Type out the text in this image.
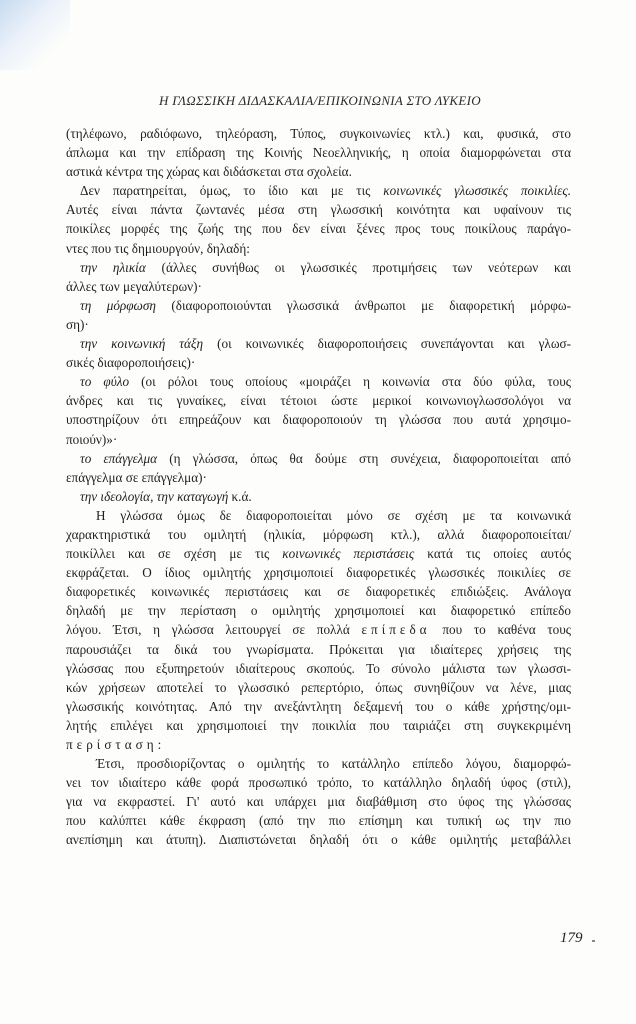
Η ΓΛΩΣΣΙΚΗ ΔΙΔΑΣΚΑΛΙΑ/ΕΠΙΚΟΙΝΩΝΙΑ ΣΤΟ ΛΥΚΕΙΟ
(τηλέφωνο, ραδιόφωνο, τηλεόραση, Τύπος, συγκοινωνίες κτλ.) και, φυσικά, στο
άπλωμα και την επίδραση της Κοινής Νεοελληνικής, η οποία διαμορφώνεται στα
αστικά κέντρα της χώρας και διδάσκεται στα σχολεία.
Δεν παρατηρείται, όμως, το ίδιο και με τις κοινωνικές γλωσσικές ποικιλίες.
Αυτές είναι πάντα ζωντανές μέσα στη γλωσσική κοινότητα και υφαίνουν τις
ποικίλες μορφές της ζωής της που δεν είναι ξένες προς τους ποικίλους παράγο-
ντες που τις δημιουργούν, δηλαδή:
την ηλικία (άλλες συνήθως οι γλωσσικές προτιμήσεις των νεότερων και
άλλες των μεγαλύτερων)·
τη μόρφωση (διαφοροποιούνται γλωσσικά άνθρωποι με διαφορετική μόρφω-
ση)·
την κοινωνική τάξη (οι κοινωνικές διαφοροποιήσεις συνεπάγονται και γλωσ-
σικές διαφοροποιήσεις)·
το φύλο (οι ρόλοι τους οποίους «μοιράζει η κοινωνία στα δύο φύλα, τους
άνδρες και τις γυναίκες, είναι τέτοιοι ώστε μερικοί κοινωνιογλωσσολόγοι να
υποστηρίζουν ότι επηρεάζουν και διαφοροποιούν τη γλώσσα που αυτά χρησιμο-
ποιούν)»·
το επάγγελμα (η γλώσσα, όπως θα δούμε στη συνέχεια, διαφοροποιείται από
επάγγελμα σε επάγγελμα)·
την ιδεολογία, την καταγωγή κ.ά.
Η γλώσσα όμως δε διαφοροποιείται μόνο σε σχέση με τα κοινωνικά
χαρακτηριστικά του ομιλητή (ηλικία, μόρφωση κτλ.), αλλά διαφοροποιείται/
ποικίλλει και σε σχέση με τις κοινωνικές περιστάσεις κατά τις οποίες αυτός
εκφράζεται. Ο ίδιος ομιλητής χρησιμοποιεί διαφορετικές γλωσσικές ποικιλίες σε
διαφορετικές κοινωνικές περιστάσεις και σε διαφορετικές επιδιώξεις. Ανάλογα
δηλαδή με την περίσταση ο ομιλητής χρησιμοποιεί και διαφορετικό επίπεδο
λόγου. Έτσι, η γλώσσα λειτουργεί σε πολλά επίπεδα που το καθένα τους
παρουσιάζει τα δικά του γνωρίσματα. Πρόκειται για ιδιαίτερες χρήσεις της
γλώσσας που εξυπηρετούν ιδιαίτερους σκοπούς. Το σύνολο μάλιστα των γλωσσι-
κών χρήσεων αποτελεί το γλωσσικό ρεπερτόριο, όπως συνηθίζουν να λένε, μιας
γλωσσικής κοινότητας. Από την ανεξάντλητη δεξαμενή του ο κάθε χρήστης/ομι-
λητής επιλέγει και χρησιμοποιεί την ποικιλία που ταιριάζει στη συγκεκριμένη
περίσταση:
Έτσι, προσδιορίζοντας ο ομιλητής το κατάλληλο επίπεδο λόγου, διαμορφώ-
νει τον ιδιαίτερο κάθε φορά προσωπικό τρόπο, το κατάλληλο δηλαδή ύφος (στιλ),
για να εκφραστεί. Γι' αυτό και υπάρχει μια διαβάθμιση στο ύφος της γλώσσας
που καλύπτει κάθε έκφραση (από την πιο επίσημη και τυπική ως την πιο
ανεπίσημη και άτυπη). Διαπιστώνεται δηλαδή ότι ο κάθε ομιλητής μεταβάλλει
179
